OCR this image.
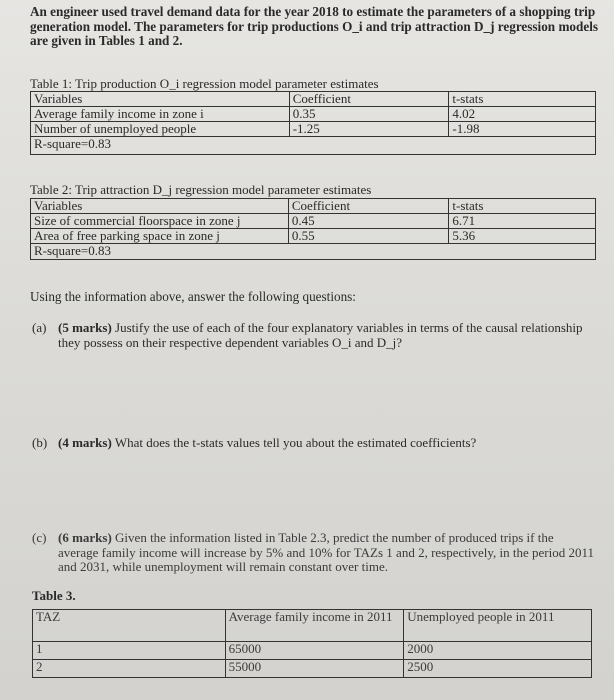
An engineer used travel demand data for the year 2018 to estimate the parameters of a shopping trip generation model. The parameters for trip productions O_i and trip attraction D_j regression models are given in Tables 1 and 2.
Table 1: Trip production O_i regression model parameter estimates
Variables	Coefficient	t-stats
Average family income in zone i	0.35	4.02
Number of unemployed people	-1.25	-1.98
R-square=0.83		
Table 2: Trip attraction D_j regression model parameter estimates
Variables	Coefficient	t-stats
Size of commercial floorspace in zone j	0.45	6.71
Area of free parking space in zone j	0.55	5.36
R-square=0.83		
Using the information above, answer the following questions:
(a) (5 marks) Justify the use of each of the four explanatory variables in terms of the causal relationship they possess on their respective dependent variables O_i and D_j?
(b) (4 marks) What does the t-stats values tell you about the estimated coefficients?
(c) (6 marks) Given the information listed in Table 2.3, predict the number of produced trips if the average family income will increase by 5% and 10% for TAZs 1 and 2, respectively, in the period 2011 and 2031, while unemployment will remain constant over time.
Table 3.
TAZ	Average family income in 2011	Unemployed people in 2011
1	65000	2000
2	55000	2500
